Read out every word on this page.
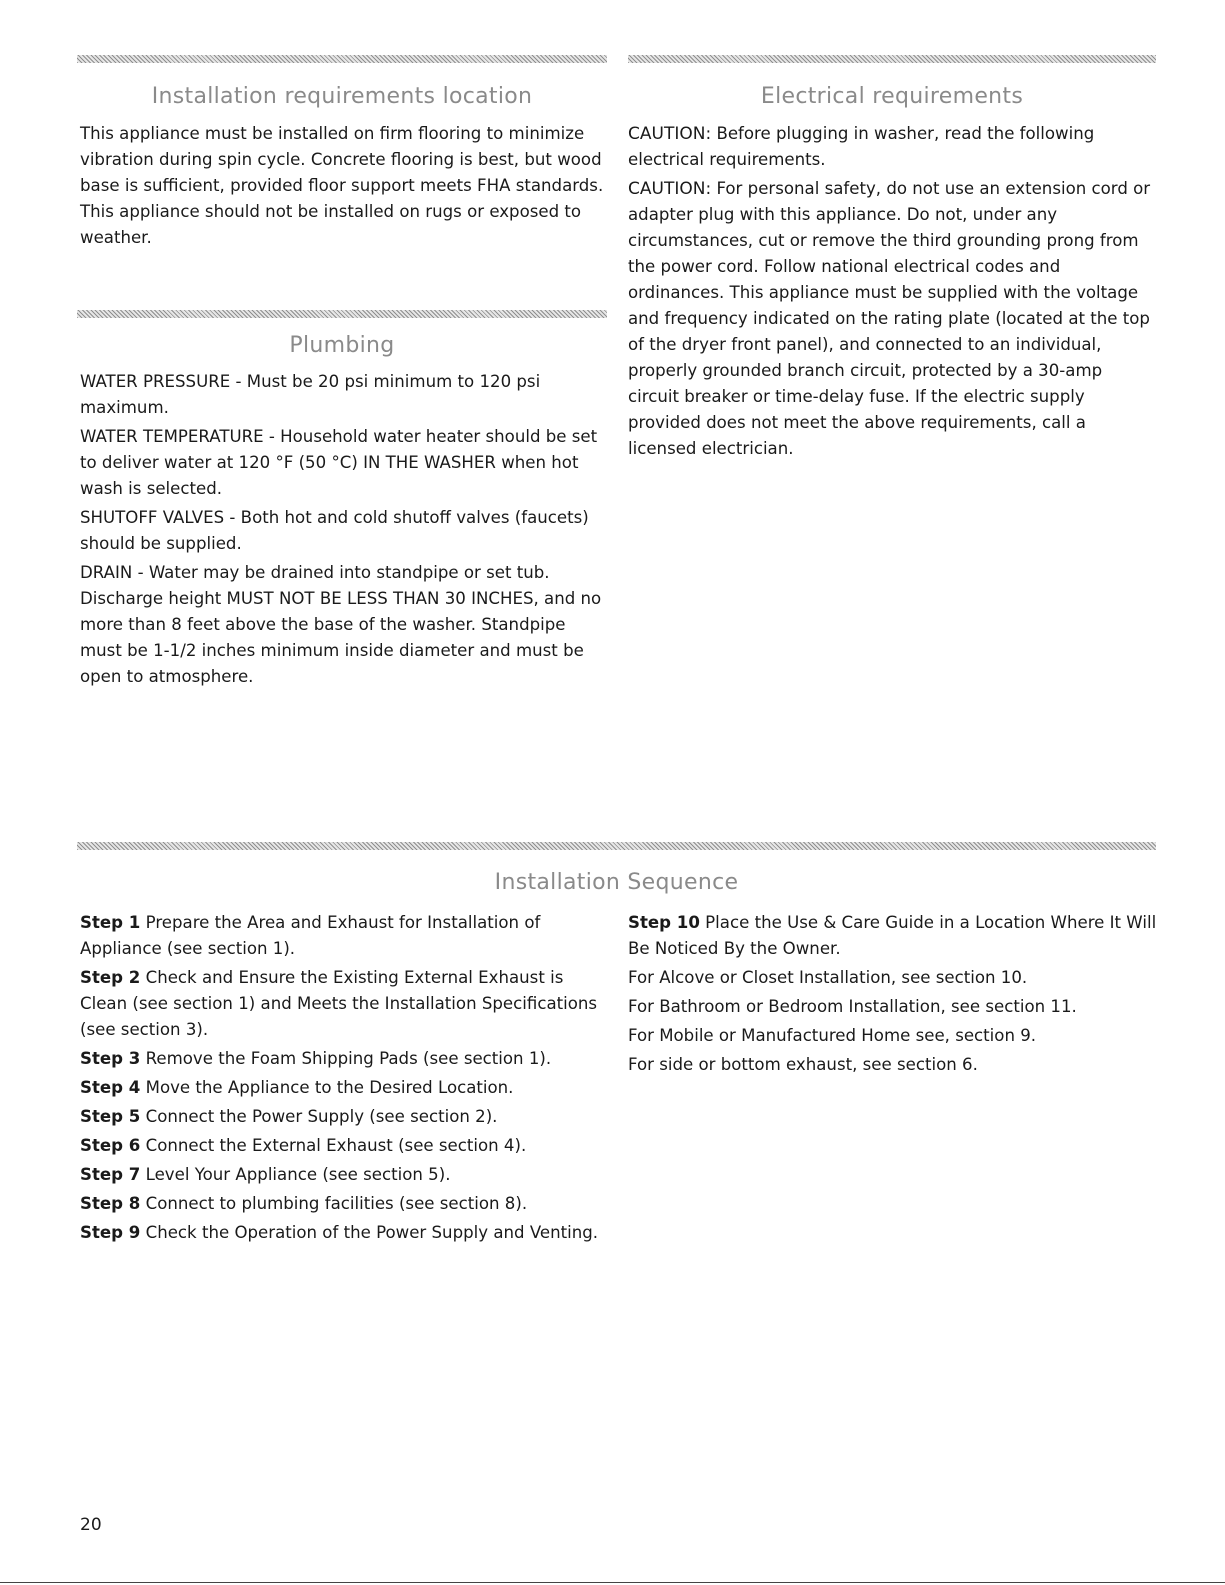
Installation requirements location

This appliance must be installed on firm flooring to minimize vibration during spin cycle. Concrete flooring is best, but wood base is sufficient, provided floor support meets FHA standards. This appliance should not be installed on rugs or exposed to weather.

Plumbing

WATER PRESSURE - Must be 20 psi minimum to 120 psi maximum.

WATER TEMPERATURE - Household water heater should be set to deliver water at 120 °F (50 °C) IN THE WASHER when hot wash is selected.

SHUTOFF VALVES - Both hot and cold shutoff valves (faucets) should be supplied.

DRAIN - Water may be drained into standpipe or set tub. Discharge height MUST NOT BE LESS THAN 30 INCHES, and no more than 8 feet above the base of the washer. Standpipe must be 1-1/2 inches minimum inside diameter and must be open to atmosphere.

Electrical requirements

CAUTION: Before plugging in washer, read the following electrical requirements.

CAUTION: For personal safety, do not use an extension cord or adapter plug with this appliance. Do not, under any circumstances, cut or remove the third grounding prong from the power cord. Follow national electrical codes and ordinances. This appliance must be supplied with the voltage and frequency indicated on the rating plate (located at the top of the dryer front panel), and connected to an individual, properly grounded branch circuit, protected by a 30-amp circuit breaker or time-delay fuse. If the electric supply provided does not meet the above requirements, call a licensed electrician.

Installation Sequence

Step 1 Prepare the Area and Exhaust for Installation of Appliance (see section 1).

Step 2 Check and Ensure the Existing External Exhaust is Clean (see section 1) and Meets the Installation Specifications (see section 3).

Step 3 Remove the Foam Shipping Pads (see section 1).

Step 4 Move the Appliance to the Desired Location.

Step 5 Connect the Power Supply (see section 2).

Step 6 Connect the External Exhaust (see section 4).

Step 7 Level Your Appliance (see section 5).

Step 8 Connect to plumbing facilities (see section 8).

Step 9 Check the Operation of the Power Supply and Venting.

Step 10 Place the Use & Care Guide in a Location Where It Will Be Noticed By the Owner.

For Alcove or Closet Installation, see section 10.

For Bathroom or Bedroom Installation, see section 11.

For Mobile or Manufactured Home see, section 9.

For side or bottom exhaust, see section 6.

20
